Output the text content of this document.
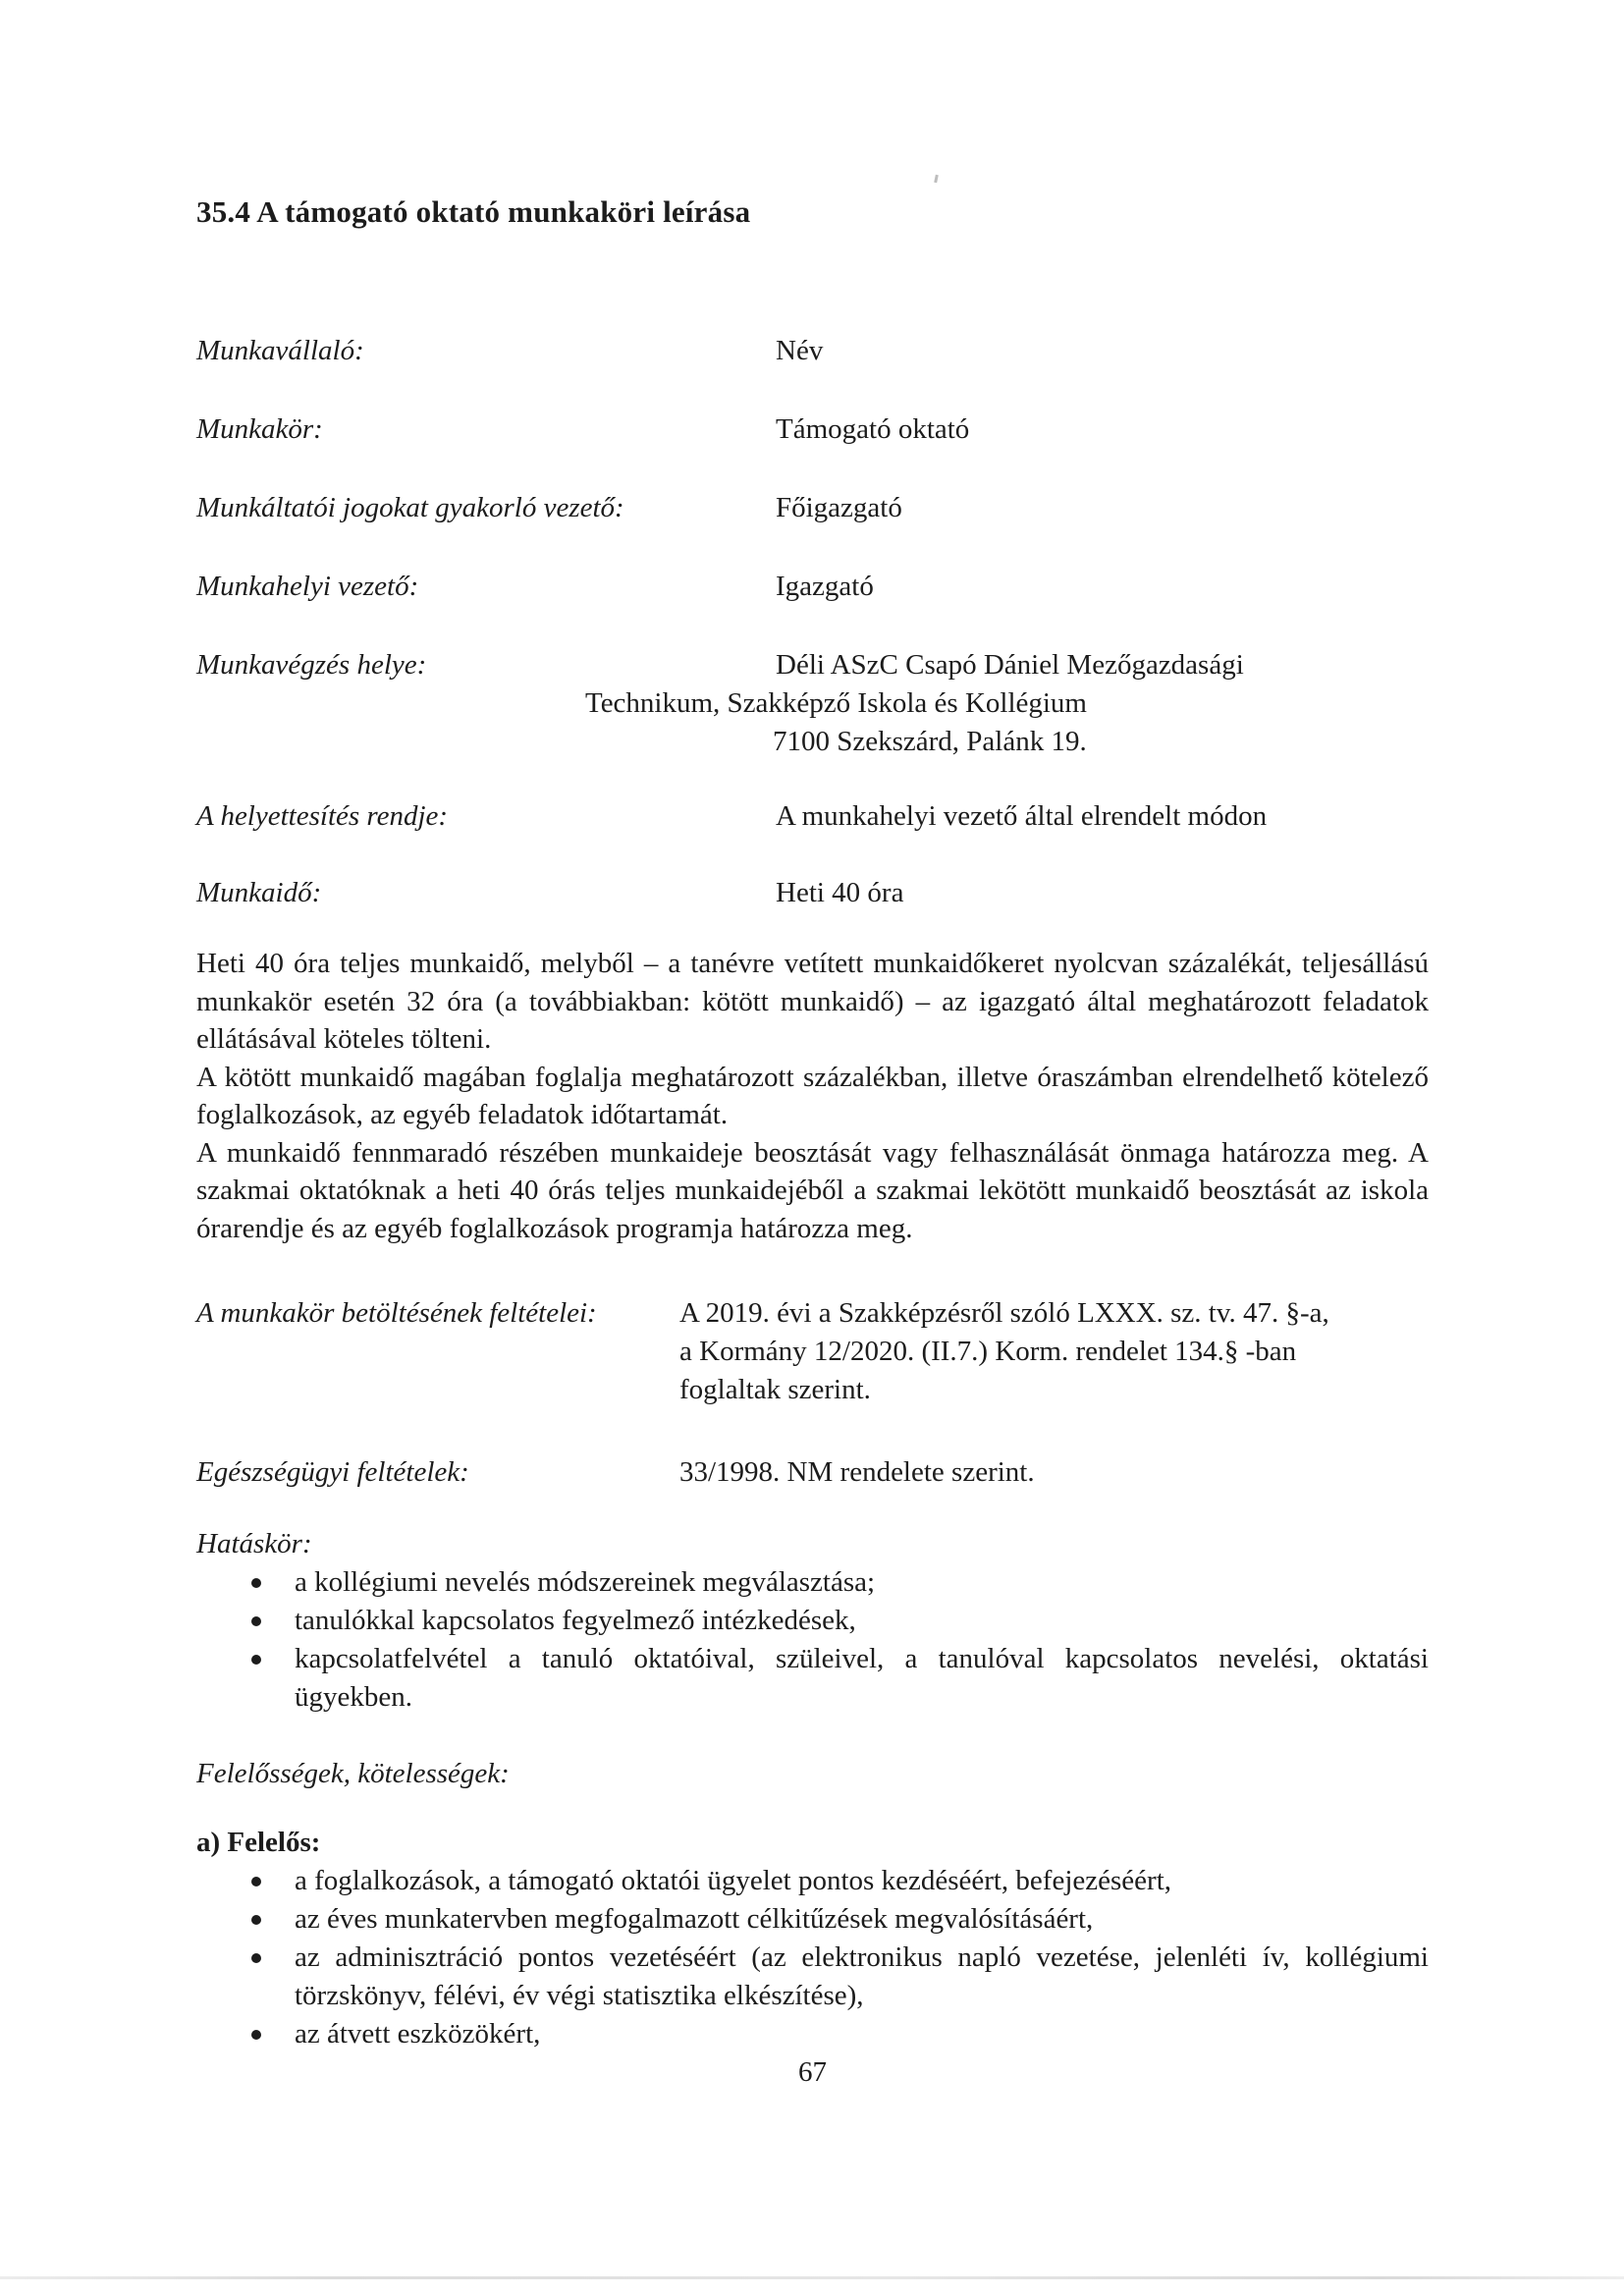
35.4 A támogató oktató munkaköri leírása
Munkavállaló:	Név
Munkakör:	Támogató oktató
Munkáltatói jogokat gyakorló vezető:	Főigazgató
Munkahelyi vezető:	Igazgató
Munkavégzés helye:	Déli ASzC Csapó Dániel Mezőgazdasági
Technikum, Szakképző Iskola és Kollégium
7100 Szekszárd, Palánk 19.
A helyettesítés rendje:	A munkahelyi vezető által elrendelt módon
Munkaidő:	Heti 40 óra

Heti 40 óra teljes munkaidő, melyből – a tanévre vetített munkaidőkeret nyolcvan százalékát, teljesállású munkakör esetén 32 óra (a továbbiakban: kötött munkaidő) – az igazgató által meghatározott feladatok ellátásával köteles tölteni.

A kötött munkaidő magában foglalja meghatározott százalékban, illetve óraszámban elrendelhető kötelező foglalkozások, az egyéb feladatok időtartamát.

A munkaidő fennmaradó részében munkaideje beosztását vagy felhasználását önmaga határozza meg. A szakmai oktatóknak a heti 40 órás teljes munkaidejéből a szakmai lekötött munkaidő beosztását az iskola órarendje és az egyéb foglalkozások programja határozza meg.

A munkakör betöltésének feltételei:	A 2019. évi a Szakképzésről szóló LXXX. sz. tv. 47. §-a,
a Kormány 12/2020. (II.7.) Korm. rendelet 134.§ -ban
foglaltak szerint.
Egészségügyi feltételek:	33/1998. NM rendelete szerint.
Hatáskör:
a kollégiumi nevelés módszereinek megválasztása;
tanulókkal kapcsolatos fegyelmező intézkedések,
kapcsolatfelvétel a tanuló oktatóival, szüleivel, a tanulóval kapcsolatos nevelési, oktatási ügyekben.
Felelősségek, kötelességek:
a) Felelős:
a foglalkozások, a támogató oktatói ügyelet pontos kezdéséért, befejezéséért,
az éves munkatervben megfogalmazott célkitűzések megvalósításáért,
az adminisztráció pontos vezetéséért (az elektronikus napló vezetése, jelenléti ív, kollégiumi törzskönyv, félévi, év végi statisztika elkészítése),
az átvett eszközökért,
67
